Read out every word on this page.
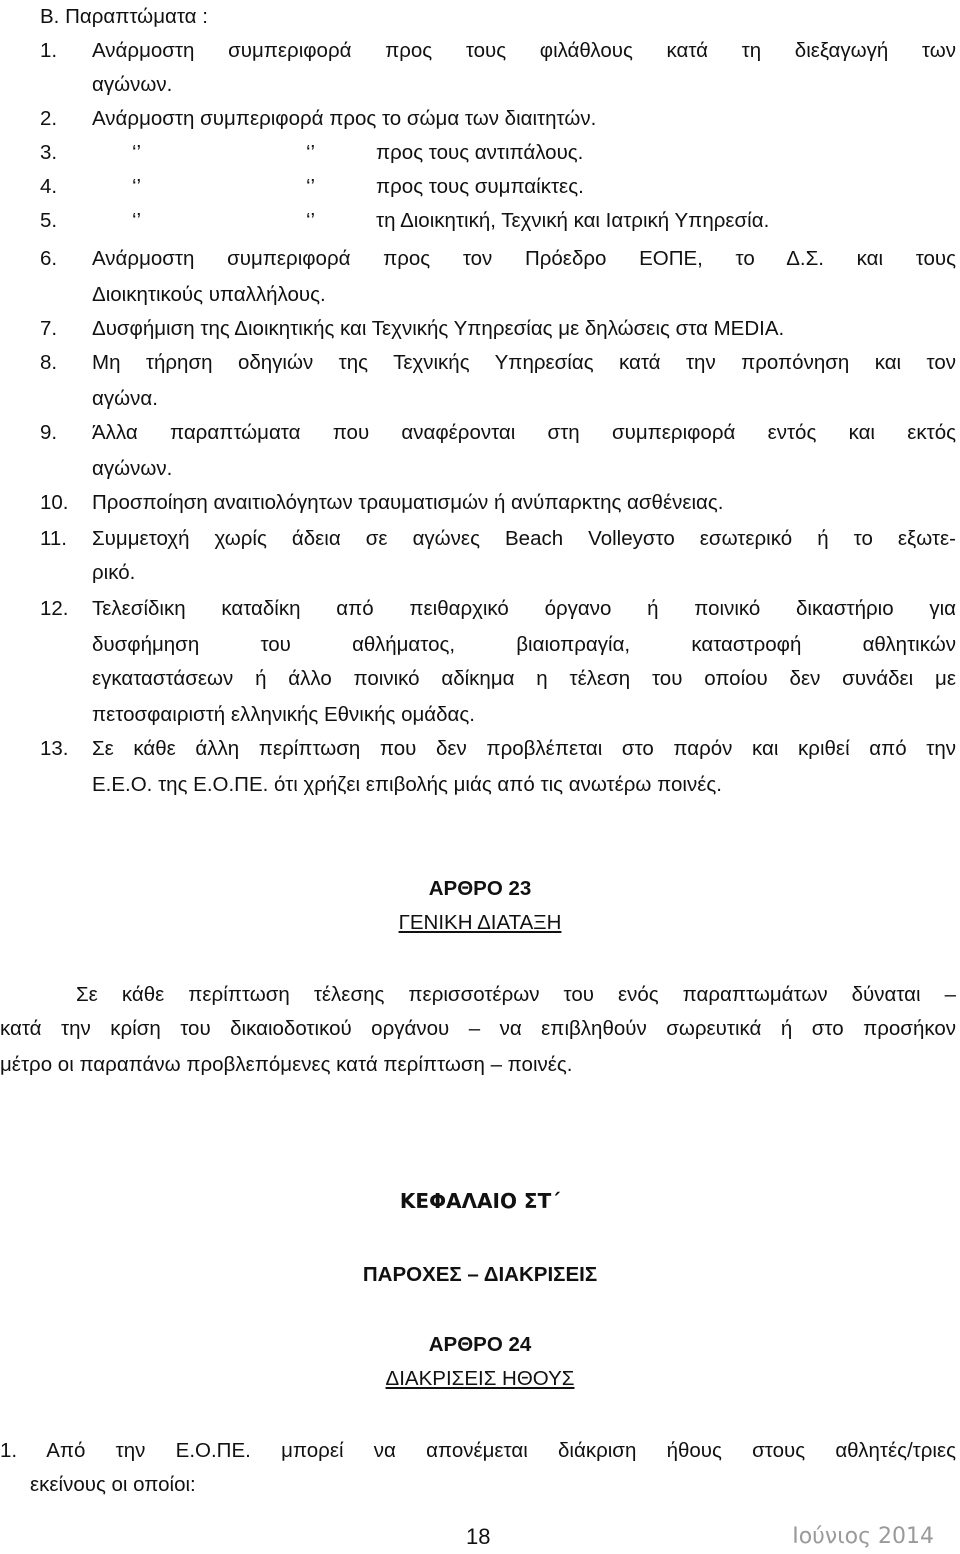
Β. Παραπτώματα :
1.	Ανάρμοστη συμπεριφορά προς τους φιλάθλους κατά τη διεξαγωγή των
αγώνων.
2.	Ανάρμοστη συμπεριφορά προς το σώμα των διαιτητών.
3.	‘’	‘’	προς τους αντιπάλους.
4.	‘’	‘’	προς τους συμπαίκτες.
5.	‘’	‘’	τη Διοικητική, Τεχνική και Ιατρική Υπηρεσία.
6.	Ανάρμοστη συμπεριφορά προς τον Πρόεδρο ΕΟΠΕ, το Δ.Σ. και τους
Διοικητικούς υπαλλήλους.
7.	Δυσφήμιση της Διοικητικής και Τεχνικής Υπηρεσίας με δηλώσεις στα MEDIA.
8.	Μη τήρηση οδηγιών της Τεχνικής Υπηρεσίας κατά την προπόνηση και τον
αγώνα.
9.	Άλλα παραπτώματα που αναφέρονται στη συμπεριφορά εντός και εκτός
αγώνων.
10.	Προσποίηση αναιτιολόγητων τραυματισμών ή ανύπαρκτης ασθένειας.
11.	Συμμετοχή χωρίς άδεια σε αγώνες Beach Volleyστο εσωτερικό ή το εξωτε-
ρικό.
12.	Τελεσίδικη καταδίκη από πειθαρχικό όργανο ή ποινικό δικαστήριο για
δυσφήμηση του αθλήματος, βιαιοπραγία, καταστροφή αθλητικών
εγκαταστάσεων ή άλλο ποινικό αδίκημα η τέλεση του οποίου δεν συνάδει με
πετοσφαιριστή ελληνικής Εθνικής ομάδας.
13.	Σε κάθε άλλη περίπτωση που δεν προβλέπεται στο παρόν και κριθεί από την
Ε.Ε.Ο. της Ε.Ο.ΠΕ. ότι χρήζει επιβολής μιάς από τις ανωτέρω ποινές.
ΑΡΘΡΟ 23
ΓΕΝΙΚΗ ΔΙΑΤΑΞΗ
Σε κάθε περίπτωση τέλεσης περισσοτέρων του ενός παραπτωμάτων δύναται –
κατά την κρίση του δικαιοδοτικού οργάνου – να επιβληθούν σωρευτικά ή στο προσήκον
μέτρο οι παραπάνω προβλεπόμενες κατά περίπτωση – ποινές.
ΚΕΦΑΛΑΙΟ ΣΤ΄
ΠΑΡΟΧΕΣ – ΔΙΑΚΡΙΣΕΙΣ
ΑΡΘΡΟ 24
ΔΙΑΚΡΙΣΕΙΣ ΗΘΟΥΣ
1. Από την Ε.Ο.ΠΕ. μπορεί να απονέμεται διάκριση ήθους στους αθλητές/τριες
εκείνους οι οποίοι:
18	Ιούνιος 2014
